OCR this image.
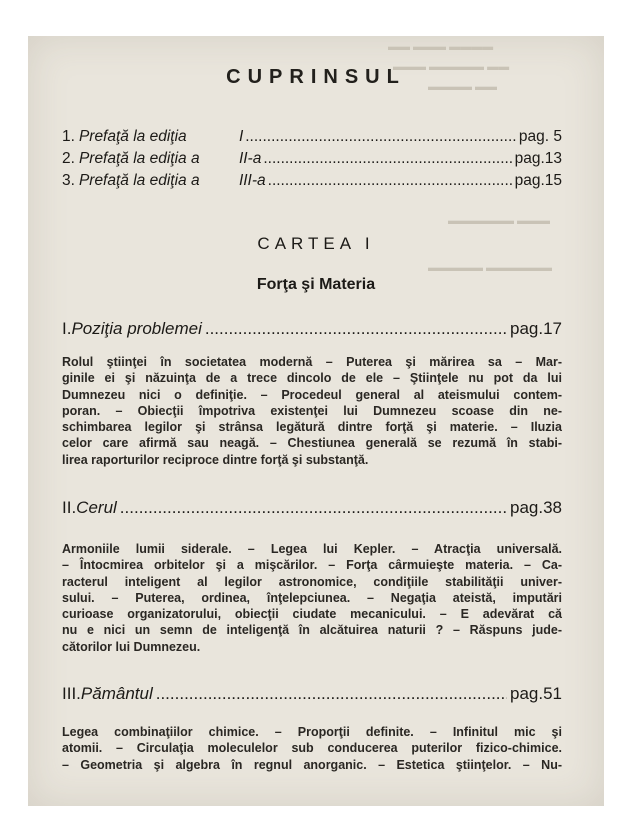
▬▬ ▬▬▬ ▬▬▬▬
▬▬▬ ▬▬▬▬▬ ▬▬
▬▬▬▬ ▬▬
▬▬▬▬▬▬ ▬▬▬
▬▬▬▬▬ ▬▬▬▬▬▬
CUPRINSUL
1. Prefaţă la ediţia	I .....	pag. 5
2. Prefaţă la ediţia a	II-a .....	pag.13
3. Prefaţă la ediţia a	III-a .....	pag.15
CARTEA I
Forţa şi Materia
I. Poziţia problemei .....	pag.17
Rolul ştiinţei în societatea modernă – Puterea şi mărirea sa – Mar-
ginile ei şi năzuinţa de a trece dincolo de ele – Ştiinţele nu pot da lui
Dumnezeu nici o definiţie. – Procedeul general al ateismului contem-
poran. – Obiecţii împotriva existenţei lui Dumnezeu scoase din ne-
schimbarea legilor şi strânsa legătură dintre forţă şi materie. – Iluzia
celor care afirmă sau neagă. – Chestiunea generală se rezumă în stabi-
lirea raporturilor reciproce dintre forţă şi substanţă.
II. Cerul .....	pag.38
Armoniile lumii siderale. – Legea lui Kepler. – Atracţia universală.
– Întocmirea orbitelor şi a mişcărilor. – Forţa cârmuieşte materia. – Ca-
racterul inteligent al legilor astronomice, condiţiile stabilităţii univer-
sului. – Puterea, ordinea, înţelepciunea. – Negaţia ateistă, imputări
curioase organizatorului, obiecţii ciudate mecanicului. – E adevărat că
nu e nici un semn de inteligenţă în alcătuirea naturii ? – Răspuns jude-
cătorilor lui Dumnezeu.
III. Pământul .....	pag.51
Legea combinaţiilor chimice. – Proporţii definite. – Infinitul mic şi
atomii. – Circulaţia moleculelor sub conducerea puterilor fizico-chimice.
– Geometria şi algebra în regnul anorganic. – Estetica ştiinţelor. – Nu-
